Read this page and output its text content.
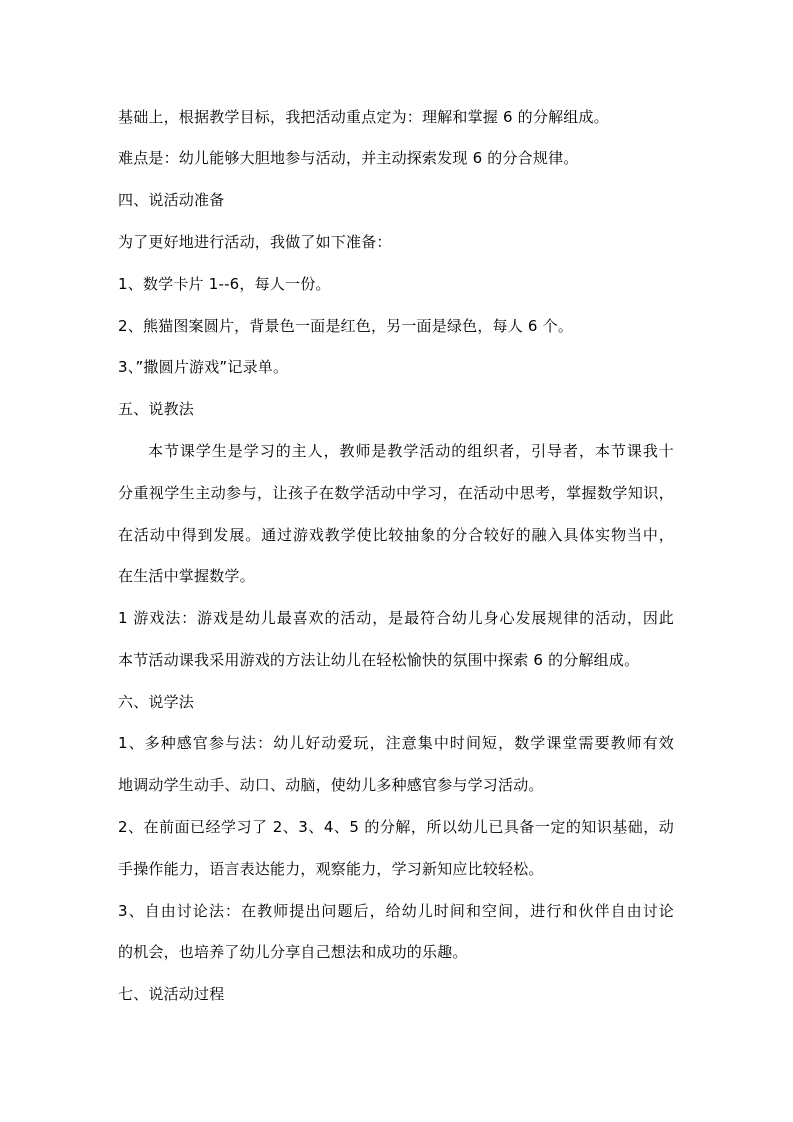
基础上，根据教学目标，我把活动重点定为：理解和掌握 6 的分解组成。
难点是：幼儿能够大胆地参与活动，并主动探索发现 6 的分合规律。
四、说活动准备
为了更好地进行活动，我做了如下准备：
1、数学卡片 1--6，每人一份。
2、熊猫图案圆片，背景色一面是红色，另一面是绿色，每人 6 个。
3、”撒圆片游戏”记录单。
五、说教法
本节课学生是学习的主人，教师是教学活动的组织者，引导者，本节课我十
分重视学生主动参与，让孩子在数学活动中学习，在活动中思考，掌握数学知识，
在活动中得到发展。通过游戏教学使比较抽象的分合较好的融入具体实物当中，
在生活中掌握数学。
1 游戏法：游戏是幼儿最喜欢的活动，是最符合幼儿身心发展规律的活动，因此
本节活动课我采用游戏的方法让幼儿在轻松愉快的氛围中探索 6 的分解组成。
六、说学法
1、多种感官参与法：幼儿好动爱玩，注意集中时间短，数学课堂需要教师有效
地调动学生动手、动口、动脑，使幼儿多种感官参与学习活动。
2、在前面已经学习了 2、3、4、5 的分解，所以幼儿已具备一定的知识基础，动
手操作能力，语言表达能力，观察能力，学习新知应比较轻松。
3、自由讨论法：在教师提出问题后，给幼儿时间和空间，进行和伙伴自由讨论
的机会，也培养了幼儿分享自己想法和成功的乐趣。
七、说活动过程
